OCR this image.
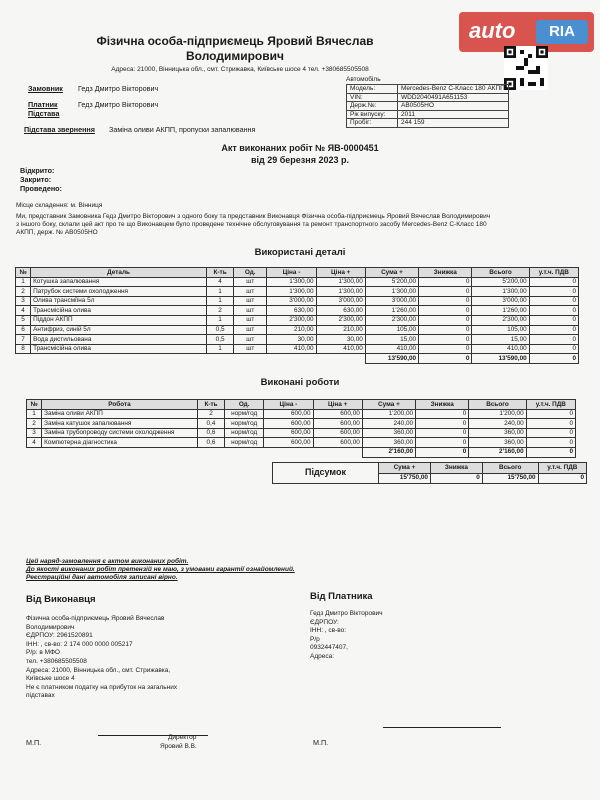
auto	RIA
Фізична особа-підприємець Яровий Вячеслав
Володимирович
Адреса: 21000, Вінницька обл., смт. Стрижавка, Київське шосе 4 тел. +380685505508
Замовник Гедз Дмитро Вікторович
Платник	Гедз Дмитро Вікторович
Підстава
Підстава звернення Заміна оливи АКПП, пропуски запалювання
Автомобіль
Модель:	Mercedes-Benz C-Класс 180 АКПП
VIN:	WDD2040491A651153
Держ.№:	АВ0505НО
Рік випуску:	2011
Пробіг:	244 159
Акт виконаних робіт № ЯВ-0000451
від 29 березня 2023 р.
Відкрито:
Закрито:
Проведено:
Місце складення: м. Вінниця
Ми, представник Замовника Гедз Дмитро Вікторович з одного боку та представник Виконавця Фізична особа-підприємець Яровий Вячеслав Володимирович
з іншого боку, склали цей акт про те що Виконавцем було проведене технічне обслуговування та ремонт транспортного засобу Mercedes-Benz C-Класс 180
АКПП, держ. № АВ0505НО
Використані деталі
№	Деталь	К-ть	Од.	Ціна -	Ціна +	Сума +	Знижка	Всього	у.т.ч. ПДВ
1	Котушка запалювання	4	шт	1'300,00	1'300,00	5'200,00	0	5'200,00	0
2	Патрубок системи охолодження	1	шт	1'300,00	1'300,00	1'300,00	0	1'300,00	0
3	Олива трансміїна 5л	1	шт	3'000,00	3'000,00	3'000,00	0	3'000,00	0
4	Трансмісійна олива	2	шт	630,00	630,00	1'260,00	0	1'260,00	0
5	Піддон АКПП	1	шт	2'300,00	2'300,00	2'300,00	0	2'300,00	0
6	Антифриз, синій 5л	0,5	шт	210,00	210,00	105,00	0	105,00	0
7	Вода дистильована	0,5	шт	30,00	30,00	15,00	0	15,00	0
8	Трансмісійна олива	1	шт	410,00	410,00	410,00	0	410,00	0
						13'590,00	0	13'590,00	0
Виконані роботи
№	Робота	К-ть	Од.	Ціна -	Ціна +	Сума +	Знижка	Всього	у.т.ч. ПДВ
1	Заміна оливи АКПП	2	норм/год	600,00	600,00	1'200,00	0	1'200,00	0
2	Заміна катушок запалювання	0,4	норм/год	600,00	600,00	240,00	0	240,00	0
3	Заміна трубопроводу системи охолодження	0,6	норм/год	600,00	600,00	360,00	0	360,00	0
4	Компютерна діагностика	0,6	норм/год	600,00	600,00	360,00	0	360,00	0
						2'160,00	0	2'160,00	0
Підсумок	Сума +	Знижка	Всього	у.т.ч. ПДВ
	15'750,00	0	15'750,00	0
Цей наряд-замовлення є актом виконаних робіт.
До якості виконаних робіт претензій не маю, з умовами гарантії ознайомлений.
Реєстраційні дані автомобіля записані вірно.
Від Виконавця
Фізична особа-підприємець Яровий Вячеслав
Володимирович
ЄДРПОУ: 2961520891
ІНН: , св-во: 2 174 000 0000 005217
Р/р: в МФО
тел. +380685505508
Адреса: 21000, Вінницька обл., смт. Стрижавка,
Київське шосе 4
Не є платником податку на прибуток на загальних
підставах
Директор
Яровий В.В.
М.П.
Від Платника
Гедз Дмитро Вікторович
ЄДРПОУ:
ІНН: , св-во:
Р/р
0932447407,
Адреса:
М.П.
